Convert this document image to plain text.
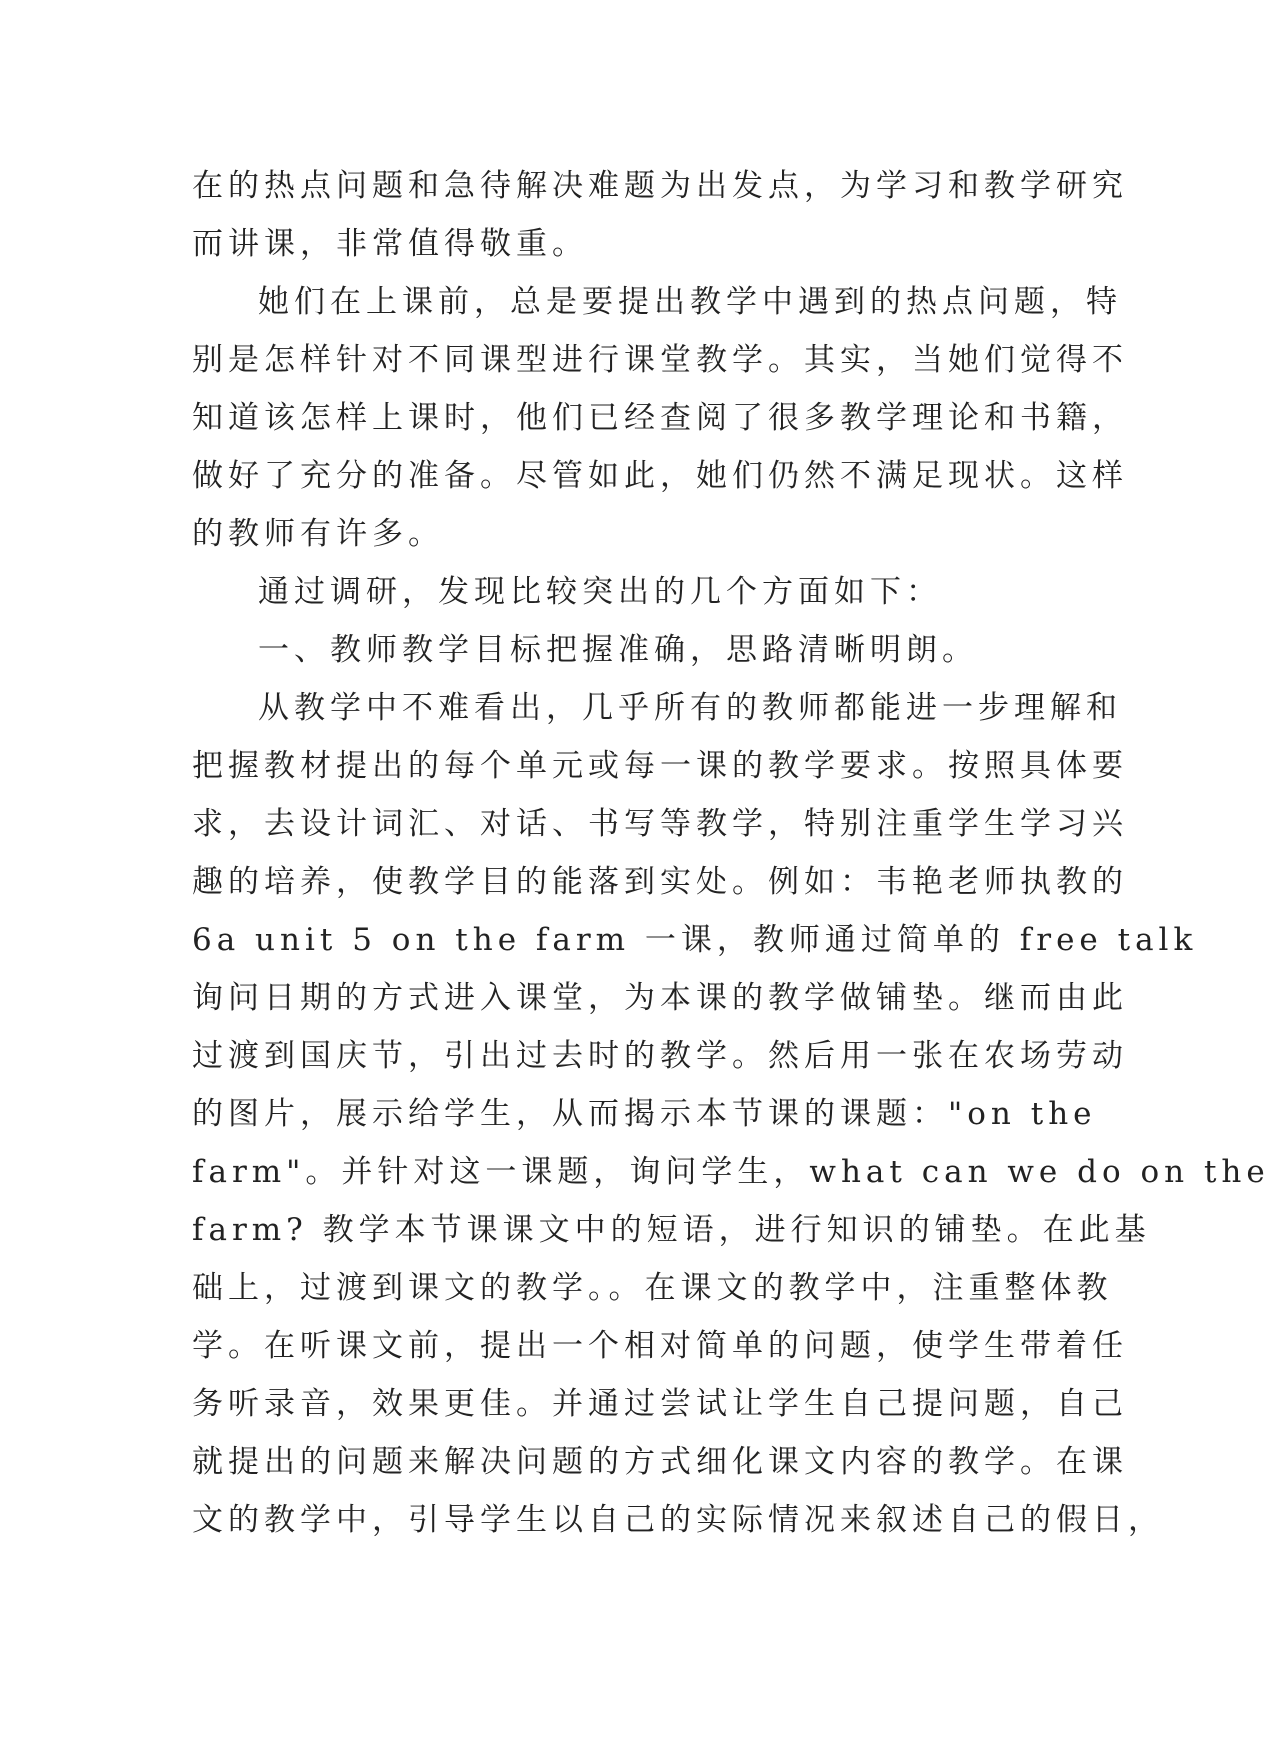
在的热点问题和急待解决难题为出发点，为学习和教学研究
而讲课，非常值得敬重。
她们在上课前，总是要提出教学中遇到的热点问题，特
别是怎样针对不同课型进行课堂教学。其实，当她们觉得不
知道该怎样上课时，他们已经查阅了很多教学理论和书籍，
做好了充分的准备。尽管如此，她们仍然不满足现状。这样
的教师有许多。
通过调研，发现比较突出的几个方面如下：
一、教师教学目标把握准确，思路清晰明朗。
从教学中不难看出，几乎所有的教师都能进一步理解和
把握教材提出的每个单元或每一课的教学要求。按照具体要
求，去设计词汇、对话、书写等教学，特别注重学生学习兴
趣的培养，使教学目的能落到实处。例如：韦艳老师执教的
6a unit 5 on the farm 一课，教师通过简单的 free talk
询问日期的方式进入课堂，为本课的教学做铺垫。继而由此
过渡到国庆节，引出过去时的教学。然后用一张在农场劳动
的图片，展示给学生，从而揭示本节课的课题："on the
farm"。并针对这一课题，询问学生，what can we do on the
farm? 教学本节课课文中的短语，进行知识的铺垫。在此基
础上，过渡到课文的教学。。在课文的教学中，注重整体教
学。在听课文前，提出一个相对简单的问题，使学生带着任
务听录音，效果更佳。并通过尝试让学生自己提问题，自己
就提出的问题来解决问题的方式细化课文内容的教学。在课
文的教学中，引导学生以自己的实际情况来叙述自己的假日，
